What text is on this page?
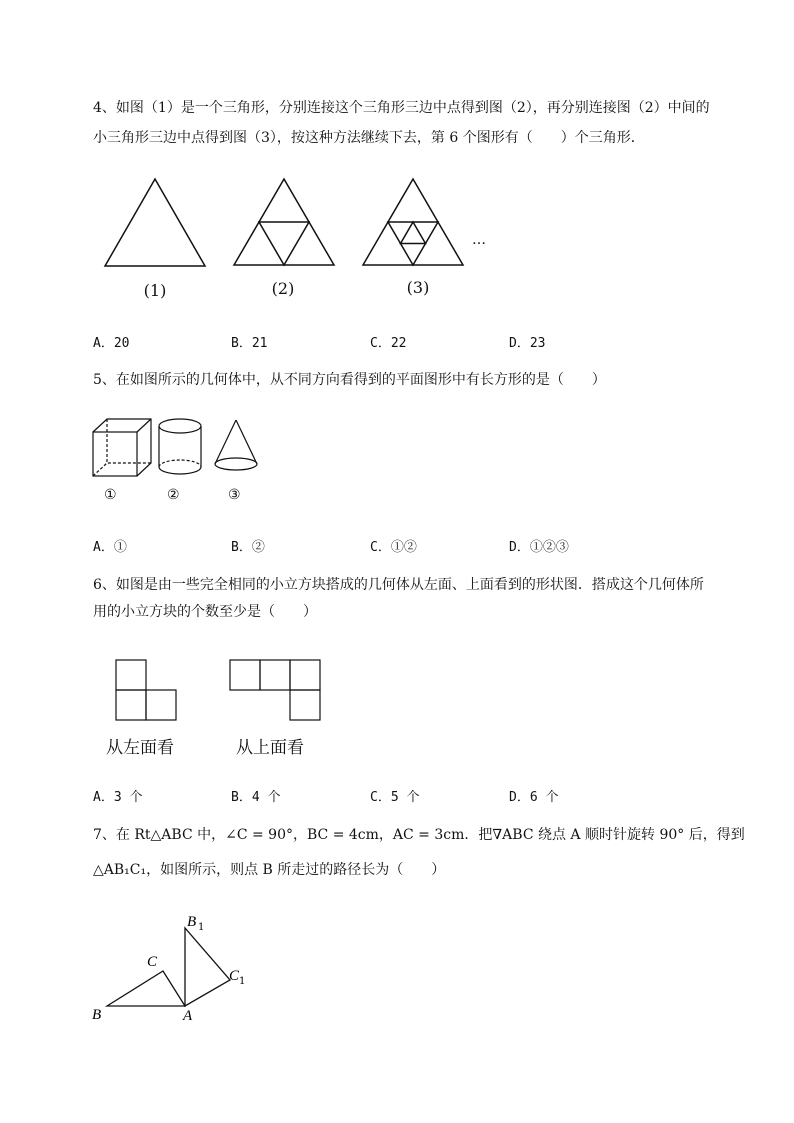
4、如图（1）是一个三角形，分别连接这个三角形三边中点得到图（2），再分别连接图（2）中间的
小三角形三边中点得到图（3），按这种方法继续下去，第 6 个图形有（　　）个三角形．
(1)	(2)	(3)
…
A．20	B．21	C．22	D．23
5、在如图所示的几何体中，从不同方向看得到的平面图形中有长方形的是（　　）
①	②	③
A．①	B．②	C．①②	D．①②③
6、如图是由一些完全相同的小立方块搭成的几何体从左面、上面看到的形状图．搭成这个几何体所
用的小立方块的个数至少是（　　）
从左面看	从上面看
A．3 个	B．4 个	C．5 个	D．6 个
7、在 Rt△ABC 中，∠C = 90°，BC = 4cm，AC = 3cm．把∇ABC 绕点 A 顺时针旋转 90° 后，得到
△AB₁C₁，如图所示，则点 B 所走过的路径长为（　　）
B
C
A
B 1
C 1
